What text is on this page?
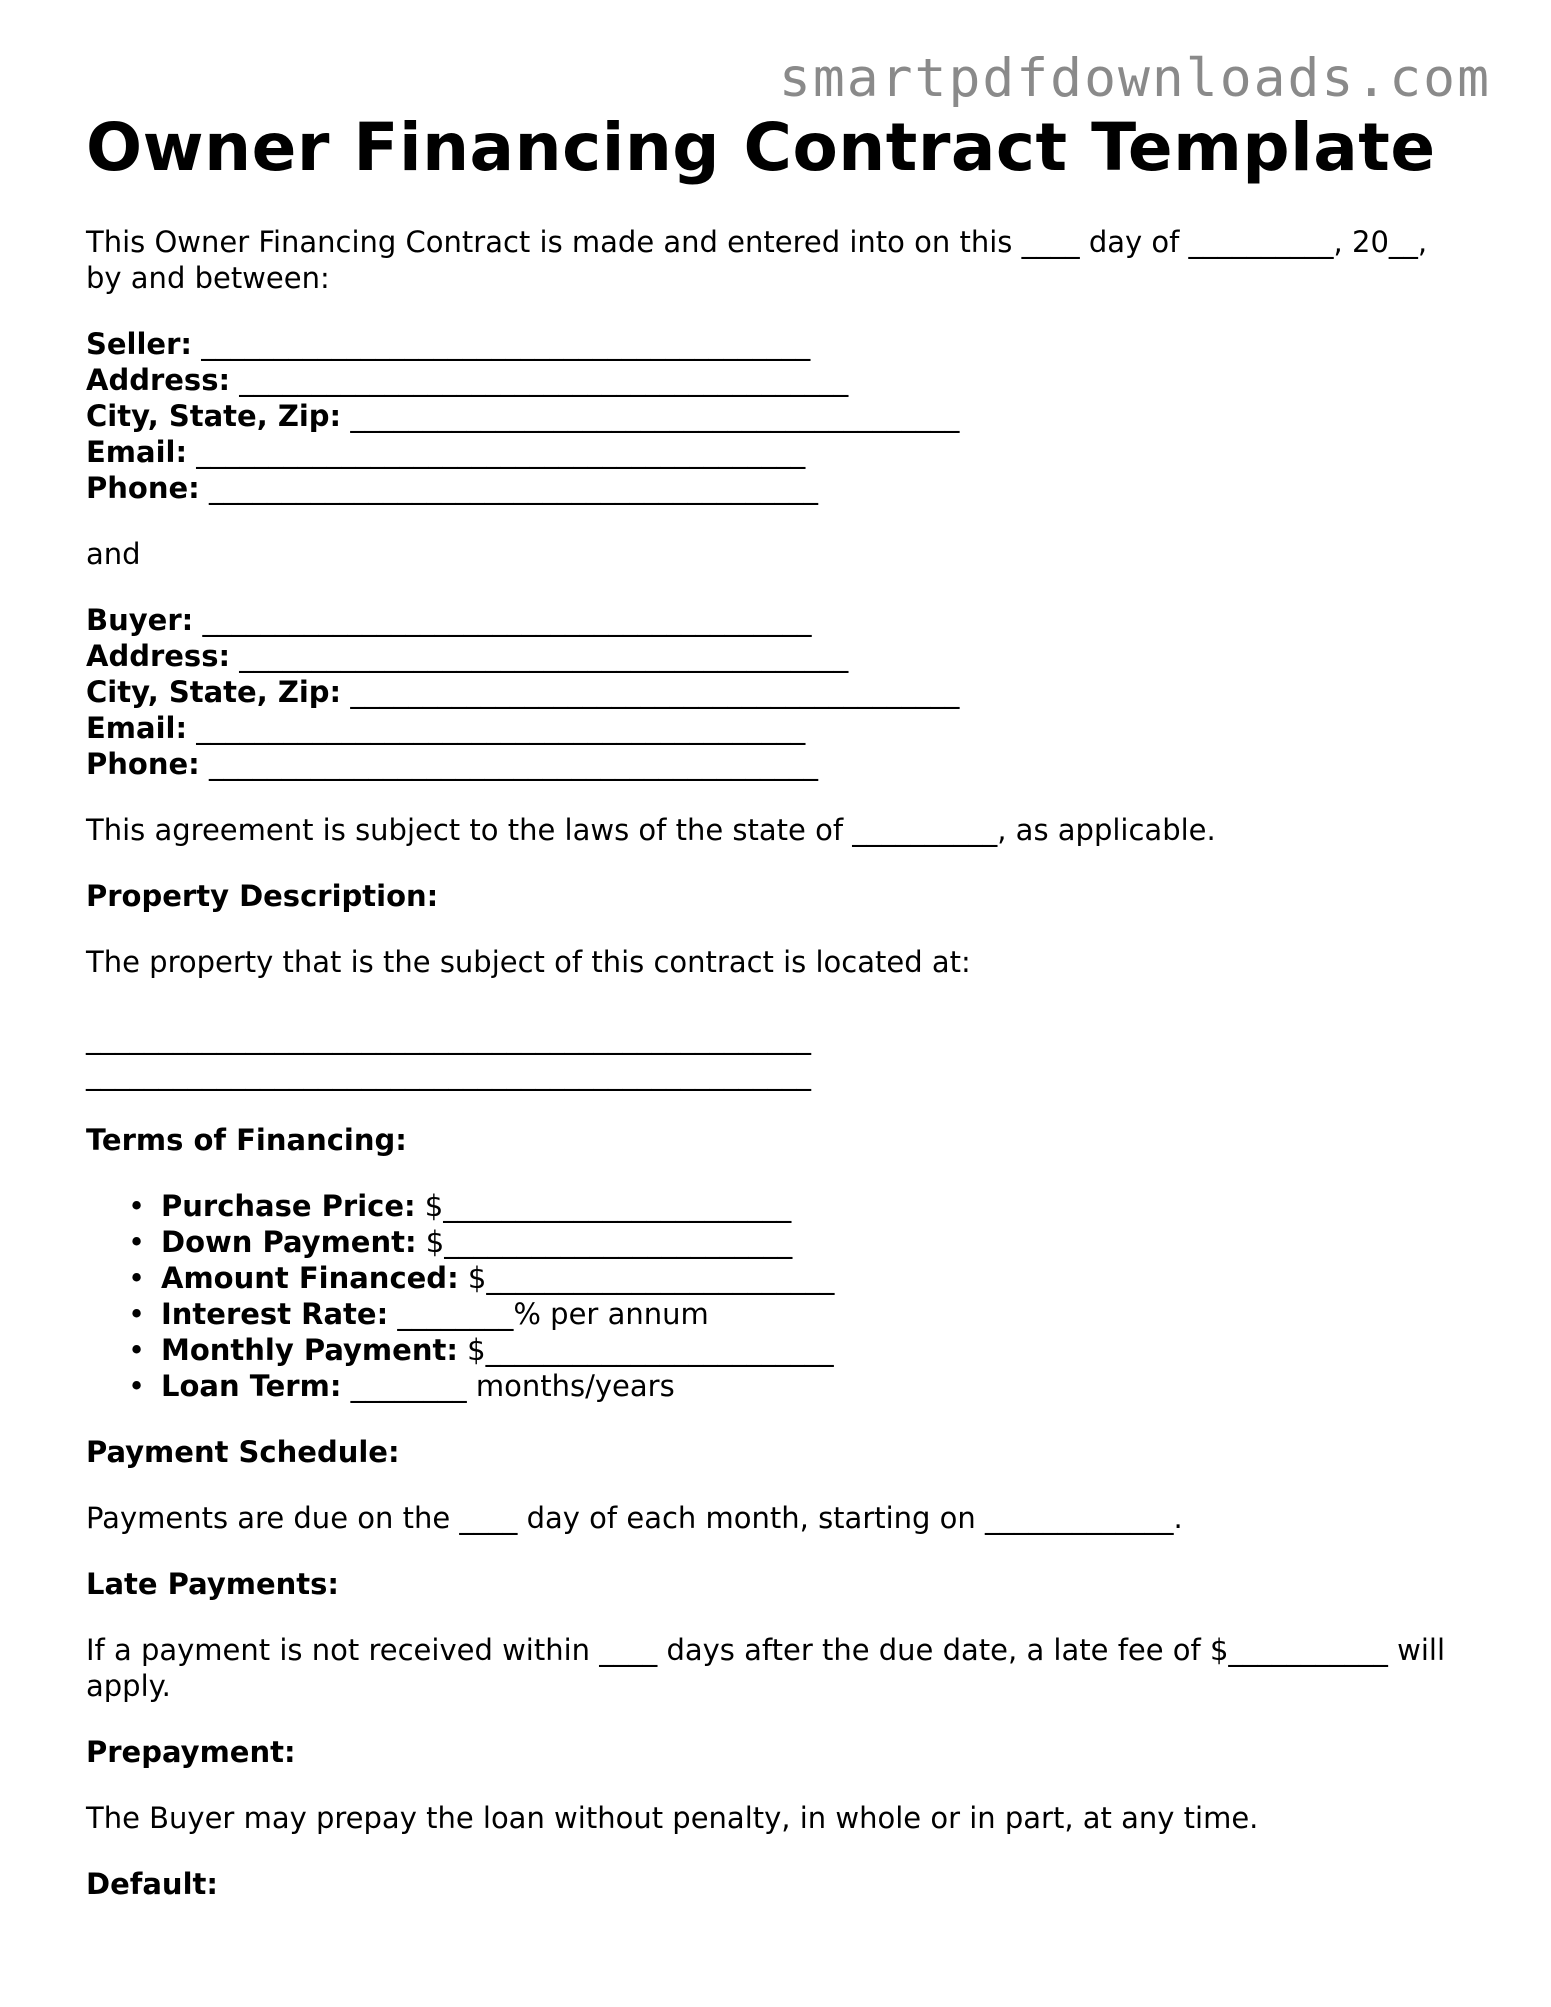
smartpdfdownloads.com
Owner Financing Contract Template

This Owner Financing Contract is made and entered into on this ____ day of __________, 20__, by and between:

Seller: __________________________________________
Address: __________________________________________
City, State, Zip: __________________________________________
Email: __________________________________________
Phone: __________________________________________

and

Buyer: __________________________________________
Address: __________________________________________
City, State, Zip: __________________________________________
Email: __________________________________________
Phone: __________________________________________

This agreement is subject to the laws of the state of __________, as applicable.

Property Description:

The property that is the subject of this contract is located at:

__________________________________________________
__________________________________________________

Terms of Financing:

• Purchase Price: $________________________
• Down Payment: $________________________
• Amount Financed: $________________________
• Interest Rate: ________% per annum
• Monthly Payment: $________________________
• Loan Term: ________ months/years

Payment Schedule:

Payments are due on the ____ day of each month, starting on _____________.

Late Payments:

If a payment is not received within ____ days after the due date, a late fee of $___________ will apply.

Prepayment:

The Buyer may prepay the loan without penalty, in whole or in part, at any time.

Default:
